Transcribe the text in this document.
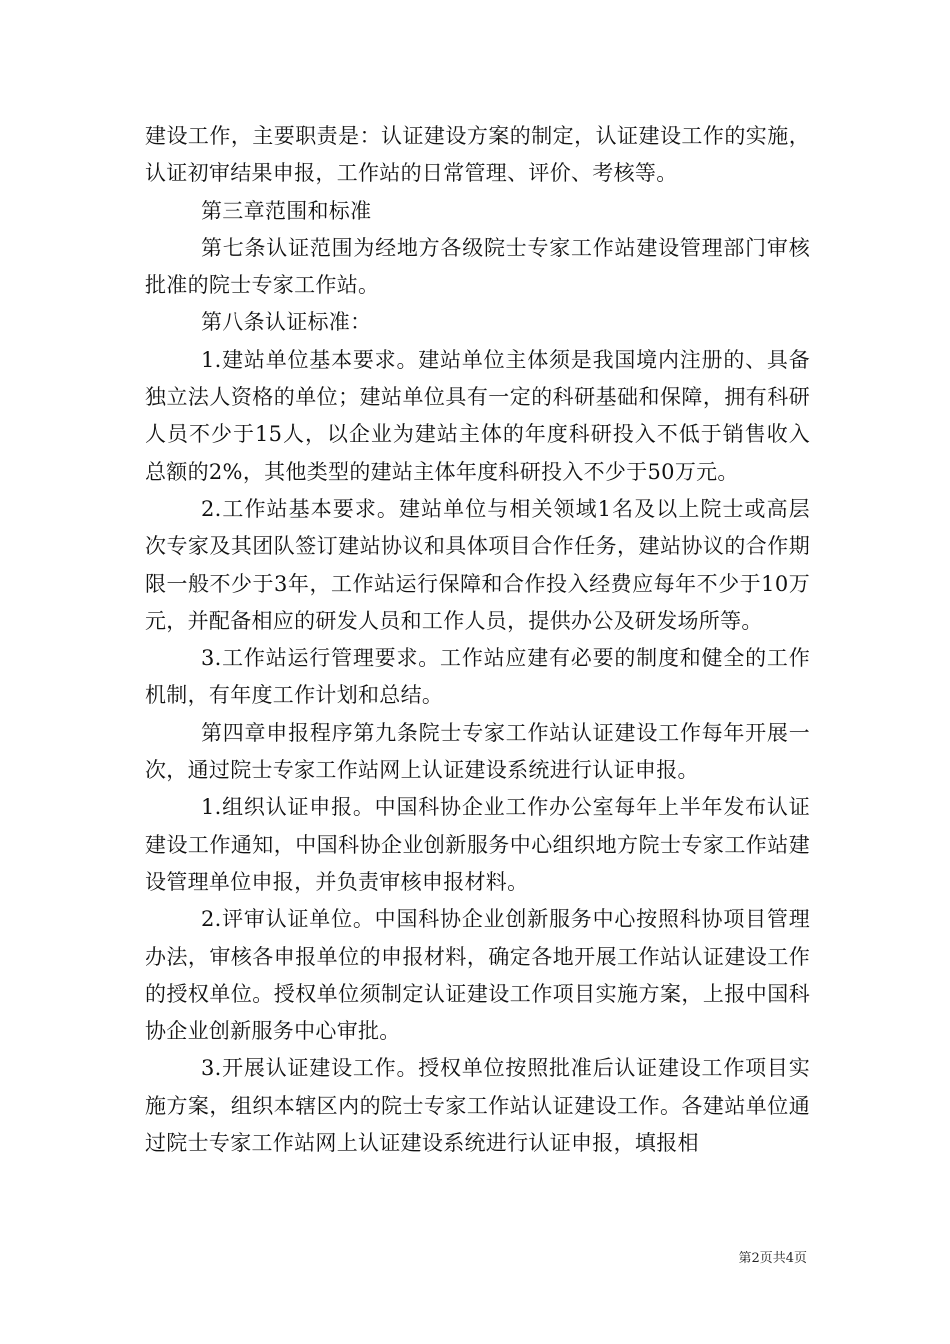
建设工作，主要职责是：认证建设方案的制定，认证建设工作的实施，认证初审结果申报，工作站的日常管理、评价、考核等。

第三章范围和标准

第七条认证范围为经地方各级院士专家工作站建设管理部门审核批准的院士专家工作站。

第八条认证标准：

1.建站单位基本要求。建站单位主体须是我国境内注册的、具备独立法人资格的单位；建站单位具有一定的科研基础和保障，拥有科研人员不少于15人，以企业为建站主体的年度科研投入不低于销售收入总额的2%，其他类型的建站主体年度科研投入不少于50万元。

2.工作站基本要求。建站单位与相关领域1名及以上院士或高层次专家及其团队签订建站协议和具体项目合作任务，建站协议的合作期限一般不少于3年，工作站运行保障和合作投入经费应每年不少于10万元，并配备相应的研发人员和工作人员，提供办公及研发场所等。

3.工作站运行管理要求。工作站应建有必要的制度和健全的工作机制，有年度工作计划和总结。

第四章申报程序第九条院士专家工作站认证建设工作每年开展一次，通过院士专家工作站网上认证建设系统进行认证申报。

1.组织认证申报。中国科协企业工作办公室每年上半年发布认证建设工作通知，中国科协企业创新服务中心组织地方院士专家工作站建设管理单位申报，并负责审核申报材料。

2.评审认证单位。中国科协企业创新服务中心按照科协项目管理办法，审核各申报单位的申报材料，确定各地开展工作站认证建设工作的授权单位。授权单位须制定认证建设工作项目实施方案，上报中国科协企业创新服务中心审批。

3.开展认证建设工作。授权单位按照批准后认证建设工作项目实施方案，组织本辖区内的院士专家工作站认证建设工作。各建站单位通过院士专家工作站网上认证建设系统进行认证申报，填报相

第2页共4页
